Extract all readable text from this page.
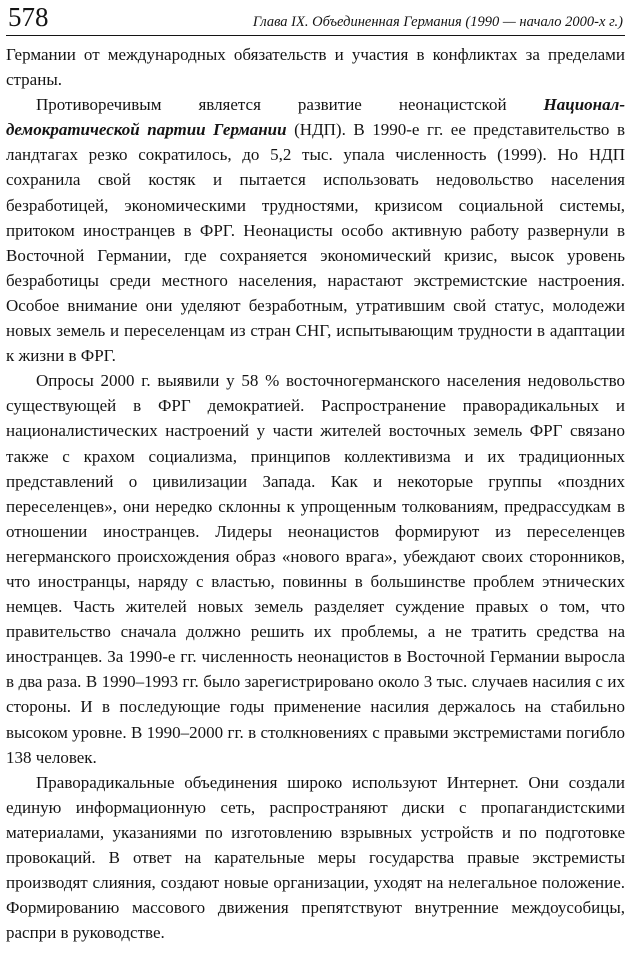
578	Глава IX. Объединенная Германия (1990 — начало 2000-х г.)

Германии от международных обязательств и участия в конфликтах за пределами страны.

Противоречивым является развитие неонацистской Национал-демократической партии Германии (НДП). В 1990-е гг. ее представительство в ландтагах резко сократилось, до 5,2 тыс. упала численность (1999). Но НДП сохранила свой костяк и пытается использовать недовольство населения безработицей, экономическими трудностями, кризисом социальной системы, притоком иностранцев в ФРГ. Неонацисты особо активную работу развернули в Восточной Германии, где сохраняется экономический кризис, высок уровень безработицы среди местного населения, нарастают экстремистские настроения. Особое внимание они уделяют безработным, утратившим свой статус, молодежи новых земель и переселенцам из стран СНГ, испытывающим трудности в адаптации к жизни в ФРГ.

Опросы 2000 г. выявили у 58 % восточногерманского населения недовольство существующей в ФРГ демократией. Распространение праворадикальных и националистических настроений у части жителей восточных земель ФРГ связано также с крахом социализма, принципов коллективизма и их традиционных представлений о цивилизации Запада. Как и некоторые группы «поздних переселенцев», они нередко склонны к упрощенным толкованиям, предрассудкам в отношении иностранцев. Лидеры неонацистов формируют из переселенцев негерманского происхождения образ «нового врага», убеждают своих сторонников, что иностранцы, наряду с властью, повинны в большинстве проблем этнических немцев. Часть жителей новых земель разделяет суждение правых о том, что правительство сначала должно решить их проблемы, а не тратить средства на иностранцев. За 1990-е гг. численность неонацистов в Восточной Германии выросла в два раза. В 1990–1993 гг. было зарегистрировано около 3 тыс. случаев насилия с их стороны. И в последующие годы применение насилия держалось на стабильно высоком уровне. В 1990–2000 гг. в столкновениях с правыми экстремистами погибло 138 человек.

Праворадикальные объединения широко используют Интернет. Они создали единую информационную сеть, распространяют диски с пропагандистскими материалами, указаниями по изготовлению взрывных устройств и по подготовке провокаций. В ответ на карательные меры государства правые экстремисты производят слияния, создают новые организации, уходят на нелегальное положение. Формированию массового движения препятствуют внутренние междоусобицы, распри в руководстве.
